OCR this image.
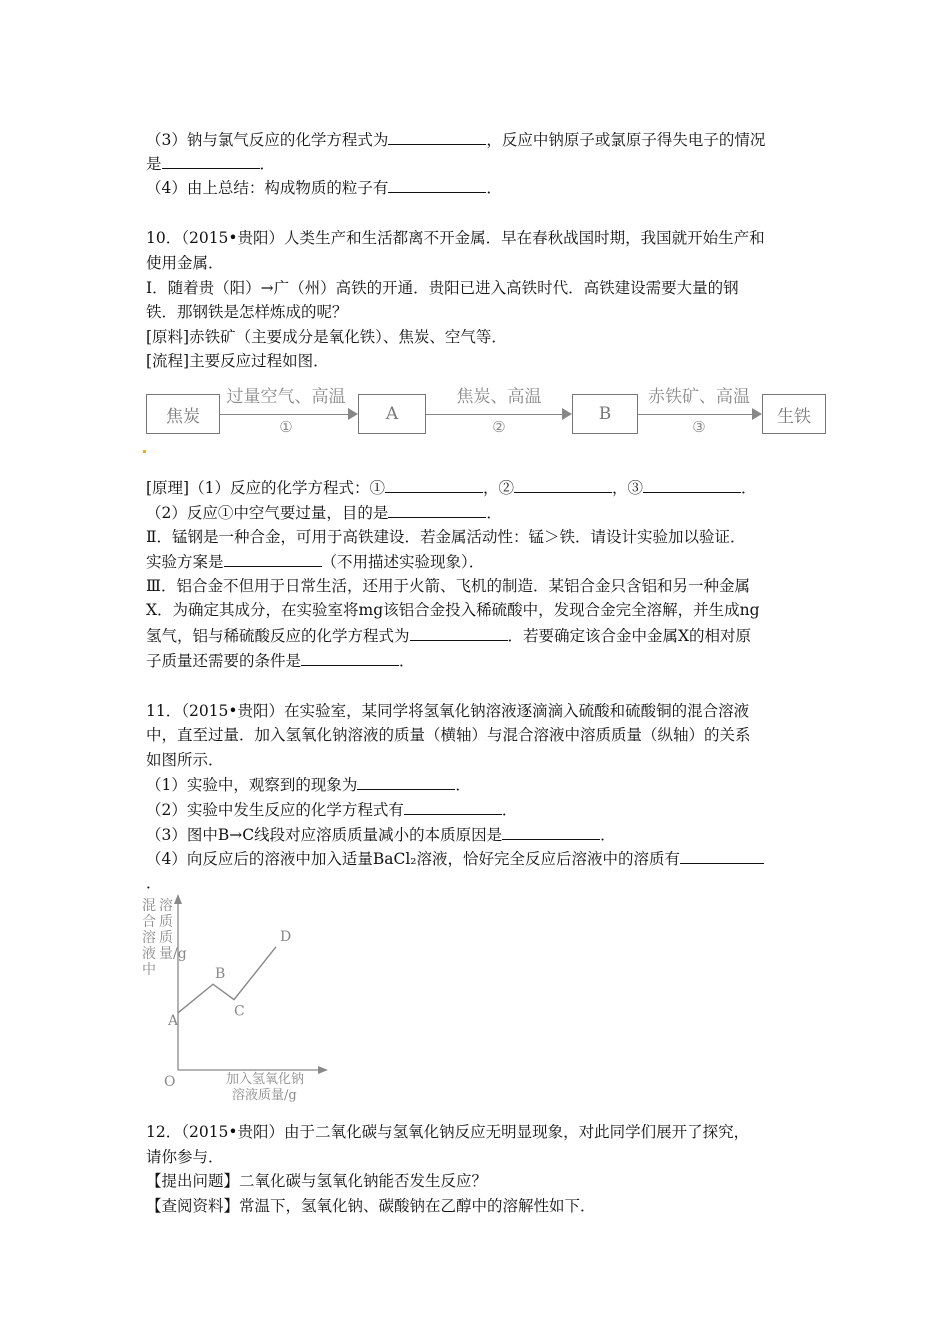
（3）钠与氯气反应的化学方程式为	，反应中钠原子或氯原子得失电子的情况
是	．
（4）由上总结：构成物质的粒子有	．
10．（2015•贵阳）人类生产和生活都离不开金属．早在春秋战国时期，我国就开始生产和
使用金属．
Ⅰ．随着贵（阳）→广（州）高铁的开通．贵阳已进入高铁时代．高铁建设需要大量的钢
铁．那钢铁是怎样炼成的呢？
[原料]赤铁矿（主要成分是氧化铁）、焦炭、空气等．
[流程]主要反应过程如图．
[原理]（1）反应的化学方程式：①	，②	，③	．
（2）反应①中空气要过量，目的是	．
Ⅱ．锰钢是一种合金，可用于高铁建设．若金属活动性：锰＞铁．请设计实验加以验证．
实验方案是	（不用描述实验现象）．
Ⅲ．铝合金不但用于日常生活，还用于火箭、飞机的制造．某铝合金只含铝和另一种金属
X．为确定其成分，在实验室将mg该铝合金投入稀硫酸中，发现合金完全溶解，并生成ng
氢气，铝与稀硫酸反应的化学方程式为	．若要确定该合金中金属X的相对原
子质量还需要的条件是	．
11．（2015•贵阳）在实验室，某同学将氢氧化钠溶液逐滴滴入硫酸和硫酸铜的混合溶液
中，直至过量．加入氢氧化钠溶液的质量（横轴）与混合溶液中溶质质量（纵轴）的关系
如图所示．
（1）实验中，观察到的现象为	．
（2）实验中发生反应的化学方程式有	．
（3）图中B→C线段对应溶质质量减小的本质原因是	．
（4）向反应后的溶液中加入适量BaCl₂溶液，恰好完全反应后溶液中的溶质有
．
12．（2015•贵阳）由于二氧化碳与氢氧化钠反应无明显现象，对此同学们展开了探究，
请你参与．
【提出问题】二氧化碳与氢氧化钠能否发生反应？
【查阅资料】常温下，氢氧化钠、碳酸钠在乙醇中的溶解性如下．
焦炭
过量空气、高温
①
A
焦炭、高温
②
B
赤铁矿、高温
③
生铁
A
B
C
D
混合溶液中
溶质质量/g
O	加入氢氧化钠
溶液质量/g
